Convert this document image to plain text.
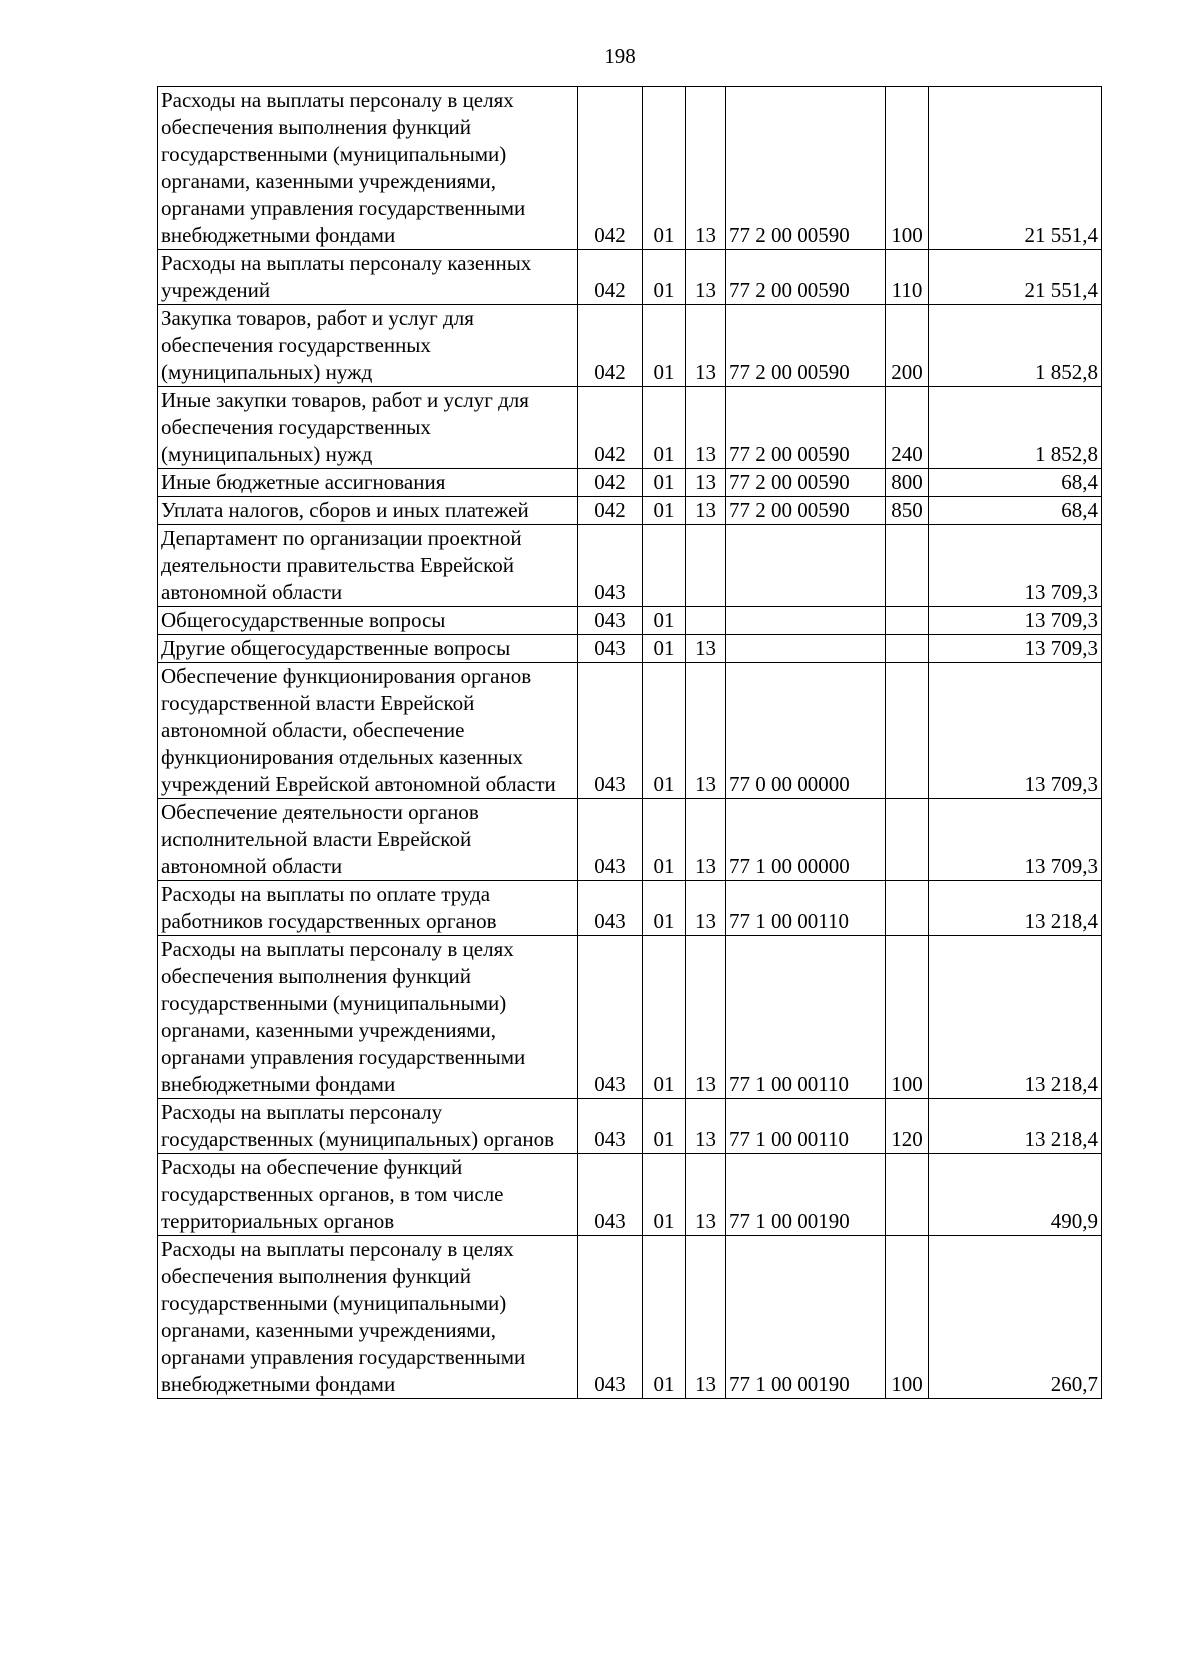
198
Расходы на выплаты персоналу в целях обеспечения выполнения функций государственными (муниципальными) органами, казенными учреждениями, органами управления государственными внебюджетными фондами	042	01	13	77 2 00 00590	100	21 551,4
Расходы на выплаты персоналу казенных учреждений	042	01	13	77 2 00 00590	110	21 551,4
Закупка товаров, работ и услуг для обеспечения государственных (муниципальных) нужд	042	01	13	77 2 00 00590	200	1 852,8
Иные закупки товаров, работ и услуг для обеспечения государственных (муниципальных) нужд	042	01	13	77 2 00 00590	240	1 852,8
Иные бюджетные ассигнования	042	01	13	77 2 00 00590	800	68,4
Уплата налогов, сборов и иных платежей	042	01	13	77 2 00 00590	850	68,4
Департамент по организации проектной деятельности правительства Еврейской автономной области	043					13 709,3
Общегосударственные вопросы	043	01				13 709,3
Другие общегосударственные вопросы	043	01	13			13 709,3
Обеспечение функционирования органов государственной власти Еврейской автономной области, обеспечение функционирования отдельных казенных учреждений Еврейской автономной области	043	01	13	77 0 00 00000		13 709,3
Обеспечение деятельности органов исполнительной власти Еврейской автономной области	043	01	13	77 1 00 00000		13 709,3
Расходы на выплаты по оплате труда работников государственных органов	043	01	13	77 1 00 00110		13 218,4
Расходы на выплаты персоналу в целях обеспечения выполнения функций государственными (муниципальными) органами, казенными учреждениями, органами управления государственными внебюджетными фондами	043	01	13	77 1 00 00110	100	13 218,4
Расходы на выплаты персоналу государственных (муниципальных) органов	043	01	13	77 1 00 00110	120	13 218,4
Расходы на обеспечение функций государственных органов, в том числе территориальных органов	043	01	13	77 1 00 00190		490,9
Расходы на выплаты персоналу в целях обеспечения выполнения функций государственными (муниципальными) органами, казенными учреждениями, органами управления государственными внебюджетными фондами	043	01	13	77 1 00 00190	100	260,7
